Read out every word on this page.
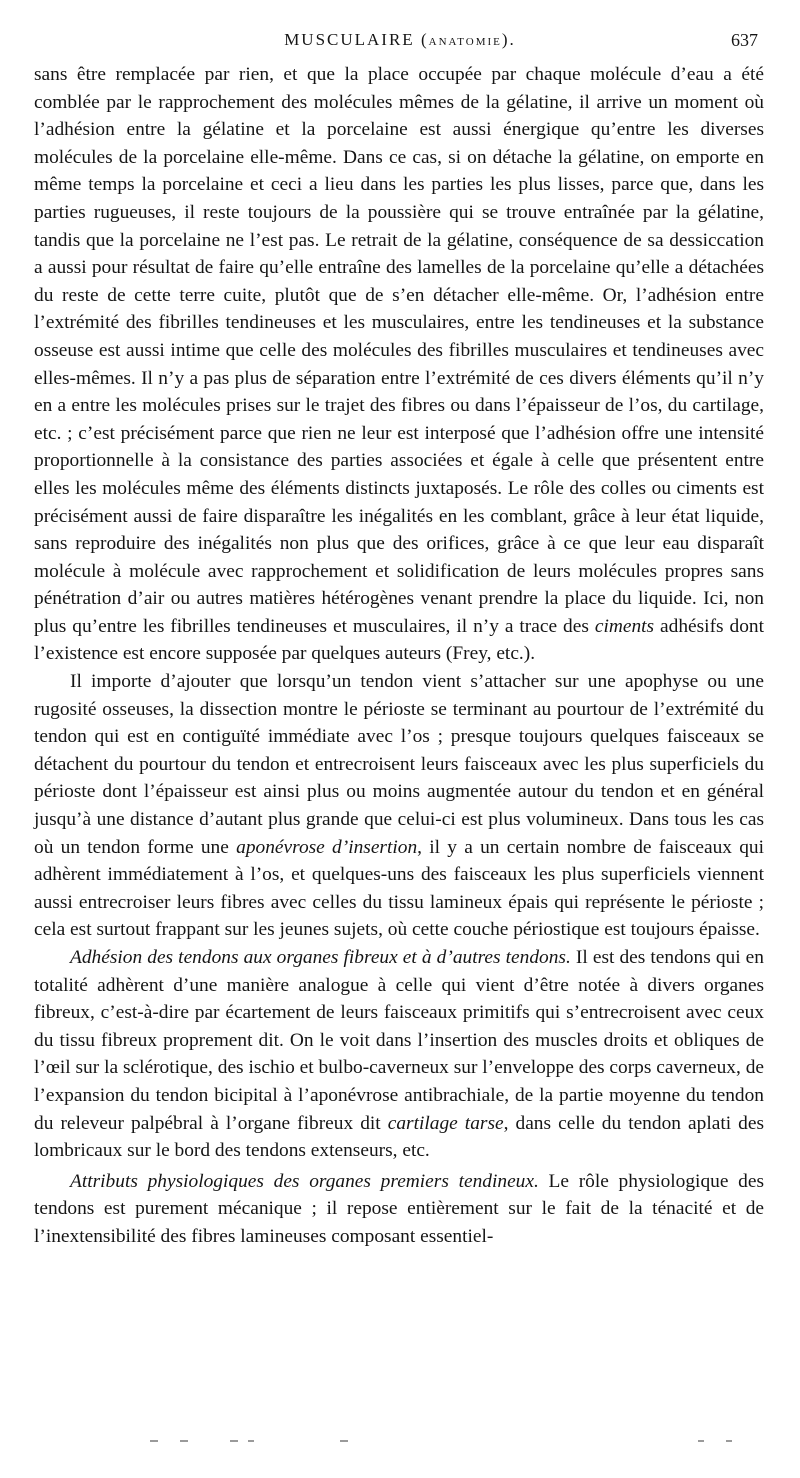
MUSCULAIRE (ANATOMIE).	637

sans être remplacée par rien, et que la place occupée par chaque molécule d’eau a été comblée par le rapprochement des molécules mêmes de la gélatine, il arrive un moment où l’adhésion entre la gélatine et la porcelaine est aussi énergique qu’entre les diverses molécules de la porcelaine elle-même. Dans ce cas, si on détache la gélatine, on emporte en même temps la porcelaine et ceci a lieu dans les parties les plus lisses, parce que, dans les parties rugueuses, il reste toujours de la poussière qui se trouve entraînée par la gélatine, tandis que la porcelaine ne l’est pas. Le retrait de la gélatine, conséquence de sa dessiccation a aussi pour résultat de faire qu’elle entraîne des lamelles de la porcelaine qu’elle a détachées du reste de cette terre cuite, plutôt que de s’en détacher elle-même. Or, l’adhésion entre l’extrémité des fibrilles tendineuses et les musculaires, entre les tendineuses et la substance osseuse est aussi intime que celle des molécules des fibrilles musculaires et tendineuses avec elles-mêmes. Il n’y a pas plus de séparation entre l’extrémité de ces divers éléments qu’il n’y en a entre les molécules prises sur le trajet des fibres ou dans l’épaisseur de l’os, du cartilage, etc. ; c’est précisément parce que rien ne leur est interposé que l’adhésion offre une intensité proportionnelle à la consistance des parties associées et égale à celle que présentent entre elles les molécules même des éléments distincts juxtaposés. Le rôle des colles ou ciments est précisément aussi de faire disparaître les inégalités en les comblant, grâce à leur état liquide, sans reproduire des inégalités non plus que des orifices, grâce à ce que leur eau disparaît molécule à molécule avec rapprochement et solidification de leurs molécules propres sans pénétration d’air ou autres matières hétérogènes venant prendre la place du liquide. Ici, non plus qu’entre les fibrilles tendineuses et musculaires, il n’y a trace des ciments adhésifs dont l’existence est encore supposée par quelques auteurs (Frey, etc.).

Il importe d’ajouter que lorsqu’un tendon vient s’attacher sur une apophyse ou une rugosité osseuses, la dissection montre le périoste se terminant au pourtour de l’extrémité du tendon qui est en contiguïté immédiate avec l’os ; presque toujours quelques faisceaux se détachent du pourtour du tendon et entrecroisent leurs faisceaux avec les plus superficiels du périoste dont l’épaisseur est ainsi plus ou moins augmentée autour du tendon et en général jusqu’à une distance d’autant plus grande que celui-ci est plus volumineux. Dans tous les cas où un tendon forme une aponévrose d’insertion, il y a un certain nombre de faisceaux qui adhèrent immédiatement à l’os, et quelques-uns des faisceaux les plus superficiels viennent aussi entrecroiser leurs fibres avec celles du tissu lamineux épais qui représente le périoste ; cela est surtout frappant sur les jeunes sujets, où cette couche périostique est toujours épaisse.

Adhésion des tendons aux organes fibreux et à d’autres tendons. Il est des tendons qui en totalité adhèrent d’une manière analogue à celle qui vient d’être notée à divers organes fibreux, c’est-à-dire par écartement de leurs faisceaux primitifs qui s’entrecroisent avec ceux du tissu fibreux proprement dit. On le voit dans l’insertion des muscles droits et obliques de l’œil sur la sclérotique, des ischio et bulbo-caverneux sur l’enveloppe des corps caverneux, de l’expansion du tendon bicipital à l’aponévrose antibrachiale, de la partie moyenne du tendon du releveur palpébral à l’organe fibreux dit cartilage tarse, dans celle du tendon aplati des lombricaux sur le bord des tendons extenseurs, etc.

Attributs physiologiques des organes premiers tendineux. Le rôle physiologique des tendons est purement mécanique ; il repose entièrement sur le fait de la ténacité et de l’inextensibilité des fibres lamineuses composant essentiel-
